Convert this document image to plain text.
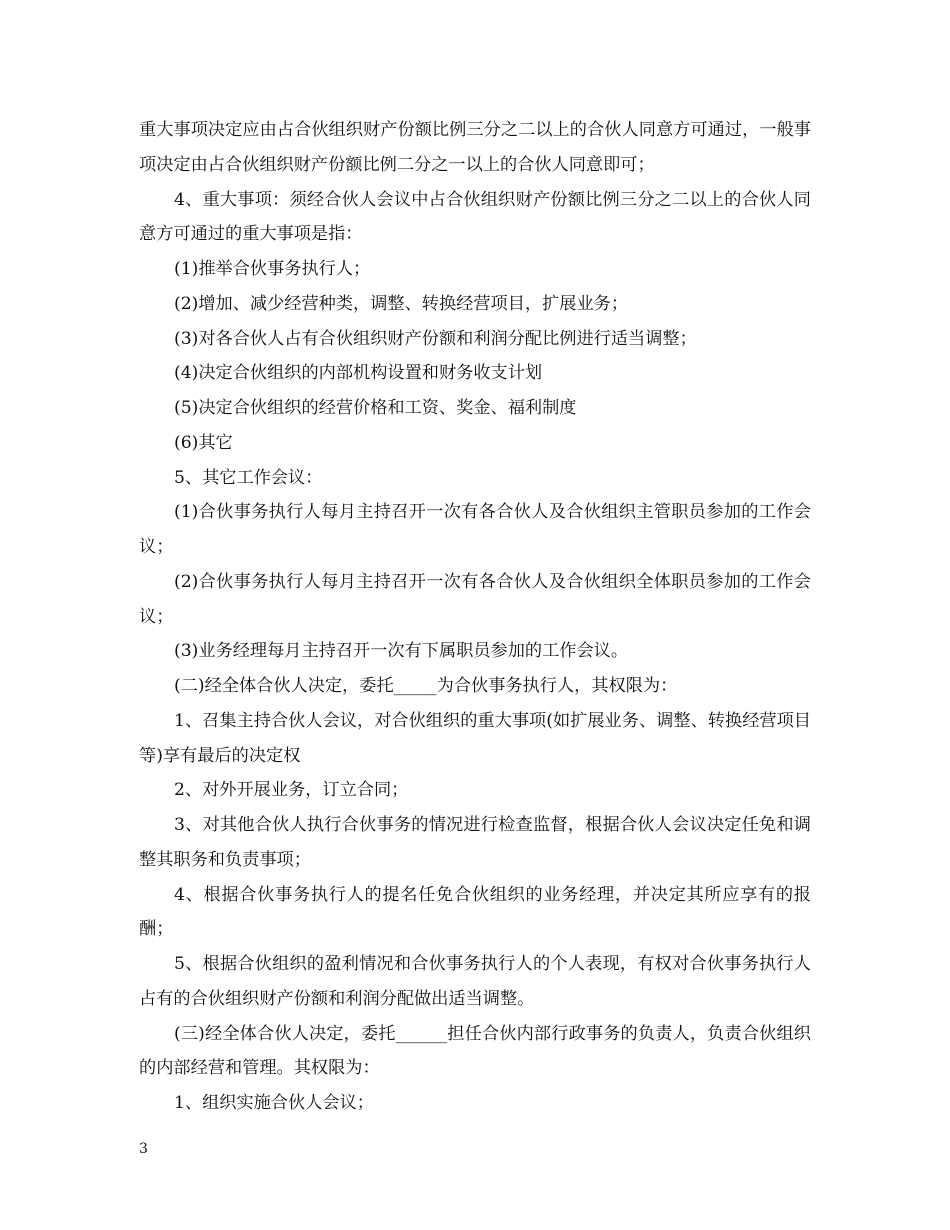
重大事项决定应由占合伙组织财产份额比例三分之二以上的合伙人同意方可通过，一般事项决定由占合伙组织财产份额比例二分之一以上的合伙人同意即可；

4、重大事项：须经合伙人会议中占合伙组织财产份额比例三分之二以上的合伙人同意方可通过的重大事项是指：

(1)推举合伙事务执行人；

(2)增加、减少经营种类，调整、转换经营项目，扩展业务；

(3)对各合伙人占有合伙组织财产份额和利润分配比例进行适当调整；

(4)决定合伙组织的内部机构设置和财务收支计划

(5)决定合伙组织的经营价格和工资、奖金、福利制度

(6)其它

5、其它工作会议：

(1)合伙事务执行人每月主持召开一次有各合伙人及合伙组织主管职员参加的工作会议；

(2)合伙事务执行人每月主持召开一次有各合伙人及合伙组织全体职员参加的工作会议；

(3)业务经理每月主持召开一次有下属职员参加的工作会议。

(二)经全体合伙人决定，委托_____为合伙事务执行人，其权限为：

1、召集主持合伙人会议，对合伙组织的重大事项(如扩展业务、调整、转换经营项目等)享有最后的决定权

2、对外开展业务，订立合同；

3、对其他合伙人执行合伙事务的情况进行检查监督，根据合伙人会议决定任免和调整其职务和负责事项；

4、根据合伙事务执行人的提名任免合伙组织的业务经理，并决定其所应享有的报酬；

5、根据合伙组织的盈利情况和合伙事务执行人的个人表现，有权对合伙事务执行人占有的合伙组织财产份额和利润分配做出适当调整。

(三)经全体合伙人决定，委托______担任合伙内部行政事务的负责人，负责合伙组织的内部经营和管理。其权限为：

1、组织实施合伙人会议；

3
